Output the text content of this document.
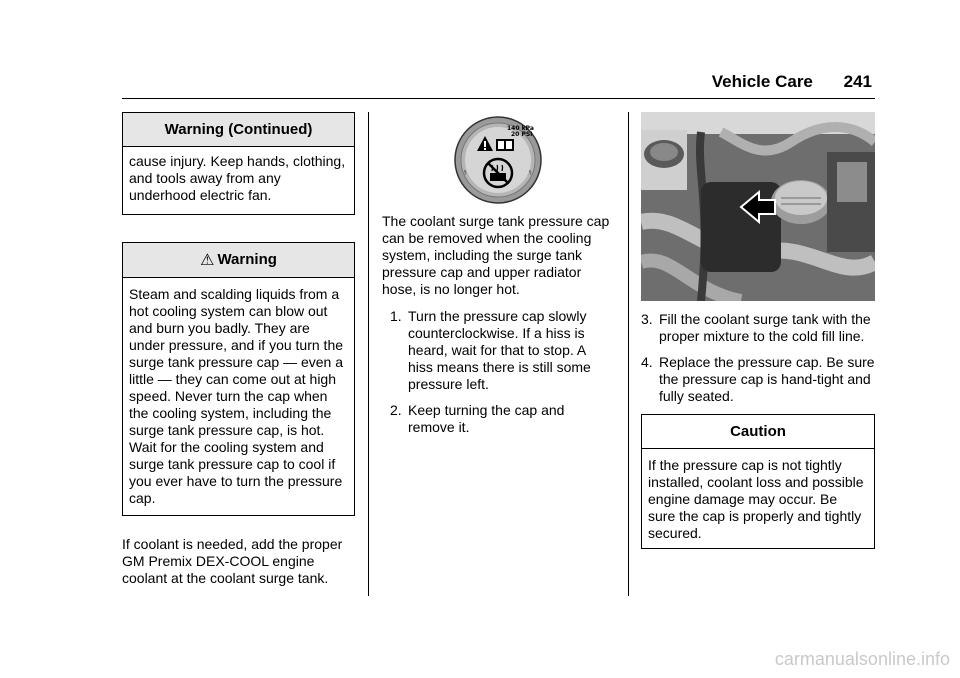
Vehicle Care 241
Warning (Continued)

cause injury. Keep hands, clothing, and tools away from any underhood electric fan.

⚠ Warning

Steam and scalding liquids from a hot cooling system can blow out and burn you badly. They are under pressure, and if you turn the surge tank pressure cap — even a little — they can come out at high speed. Never turn the cap when the cooling system, including the surge tank pressure cap, is hot. Wait for the cooling system and surge tank pressure cap to cool if you ever have to turn the pressure cap.

If coolant is needed, add the proper GM Premix DEX-COOL engine coolant at the coolant surge tank.

§	§
140 kPa
20 PSI

The coolant surge tank pressure cap can be removed when the cooling system, including the surge tank pressure cap and upper radiator hose, is no longer hot.

1. Turn the pressure cap slowly counterclockwise. If a hiss is heard, wait for that to stop. A hiss means there is still some pressure left.
2. Keep turning the cap and remove it.
3. Fill the coolant surge tank with the proper mixture to the cold fill line.
4. Replace the pressure cap. Be sure the pressure cap is hand-tight and fully seated.
Caution

If the pressure cap is not tightly installed, coolant loss and possible engine damage may occur. Be sure the cap is properly and tightly secured.

carmanualsonline.info
